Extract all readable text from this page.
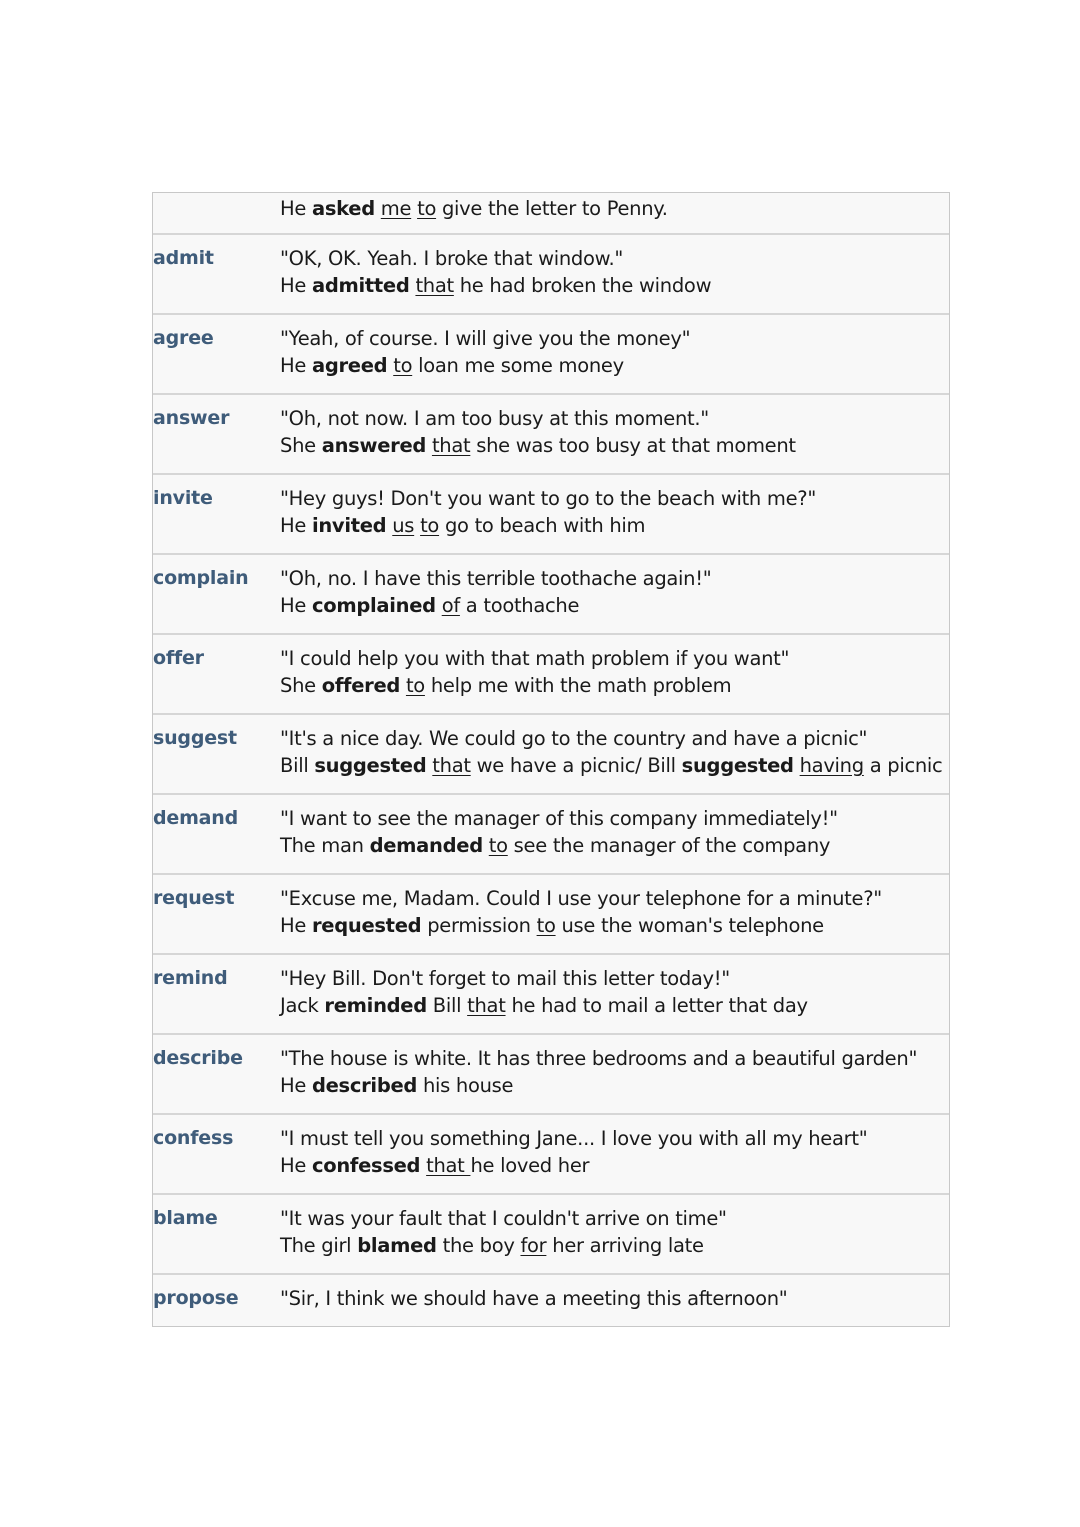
He asked me to give the letter to Penny.
admit	"OK, OK. Yeah. I broke that window."
He admitted that he had broken the window
agree	"Yeah, of course. I will give you the money"
He agreed to loan me some money
answer	"Oh, not now. I am too busy at this moment."
She answered that she was too busy at that moment
invite	"Hey guys! Don't you want to go to the beach with me?"
He invited us to go to beach with him
complain "Oh, no. I have this terrible toothache again!"
He complained of a toothache
offer	"I could help you with that math problem if you want"
She offered to help me with the math problem
suggest "It's a nice day. We could go to the country and have a picnic"
Bill suggested that we have a picnic/ Bill suggested having a picnic
demand "I want to see the manager of this company immediately!"
The man demanded to see the manager of the company
request "Excuse me, Madam. Could I use your telephone for a minute?"
He requested permission to use the woman's telephone
remind	"Hey Bill. Don't forget to mail this letter today!"
Jack reminded Bill that he had to mail a letter that day
describe "The house is white. It has three bedrooms and a beautiful garden"
He described his house
confess "I must tell you something Jane... I love you with all my heart"
He confessed that he loved her
blame	"It was your fault that I couldn't arrive on time"
The girl blamed the boy for her arriving late
propose "Sir, I think we should have a meeting this afternoon"
